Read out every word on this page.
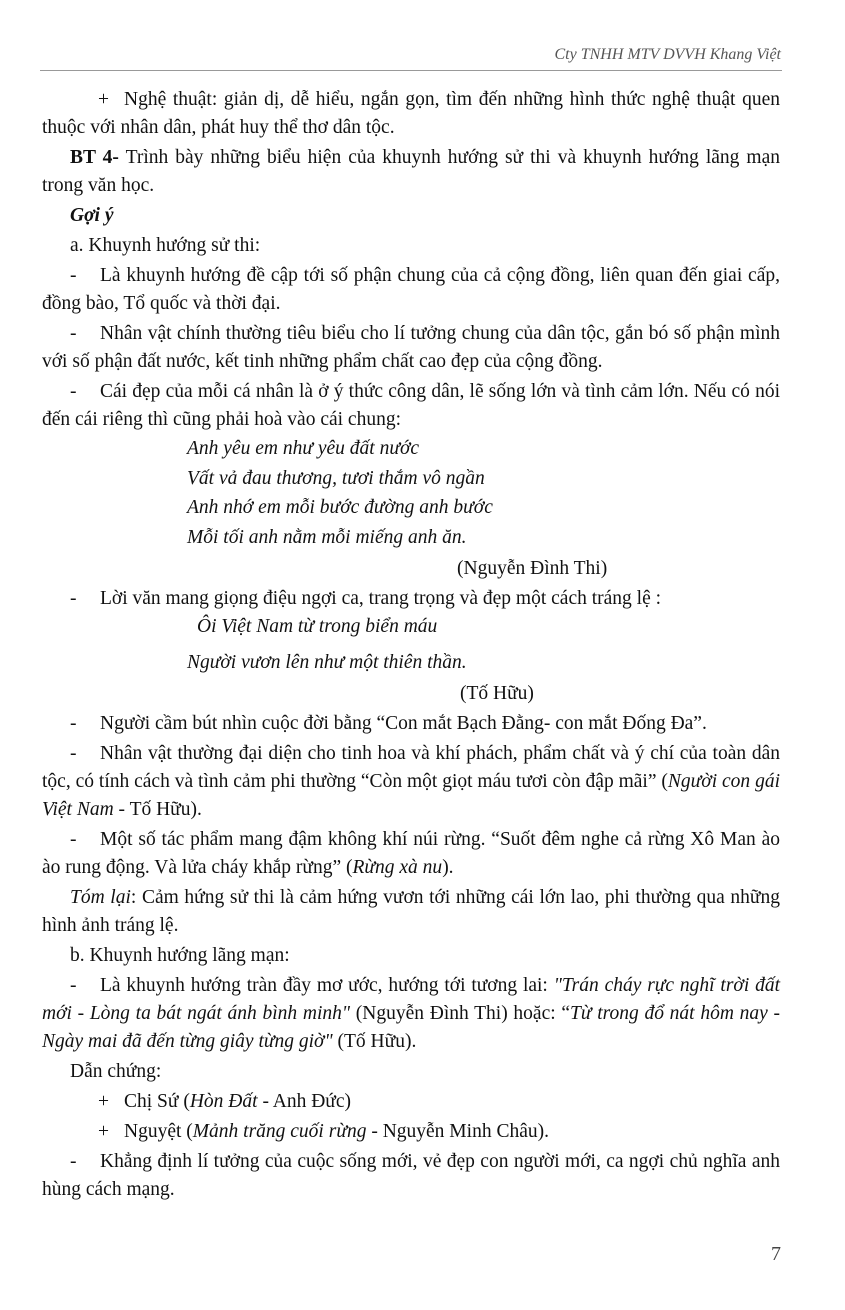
Cty TNHH MTV DVVH Khang Việt

+ Nghệ thuật: giản dị, dễ hiểu, ngắn gọn, tìm đến những hình thức nghệ thuật quen thuộc với nhân dân, phát huy thể thơ dân tộc.

BT 4- Trình bày những biểu hiện của khuynh hướng sử thi và khuynh hướng lãng mạn trong văn học.

Gợi ý

a. Khuynh hướng sử thi:

- Là khuynh hướng đề cập tới số phận chung của cả cộng đồng, liên quan đến giai cấp, đồng bào, Tổ quốc và thời đại.

- Nhân vật chính thường tiêu biểu cho lí tưởng chung của dân tộc, gắn bó số phận mình với số phận đất nước, kết tinh những phẩm chất cao đẹp của cộng đồng.

- Cái đẹp của mỗi cá nhân là ở ý thức công dân, lẽ sống lớn và tình cảm lớn. Nếu có nói đến cái riêng thì cũng phải hoà vào cái chung:

Anh yêu em như yêu đất nước
Vất vả đau thương, tươi thắm vô ngần
Anh nhớ em mỗi bước đường anh bước
Mỗi tối anh nằm mỗi miếng anh ăn.
(Nguyễn Đình Thi)

- Lời văn mang giọng điệu ngợi ca, trang trọng và đẹp một cách tráng lệ :

Ôi Việt Nam từ trong biển máu
Người vươn lên như một thiên thần.
(Tố Hữu)

- Người cầm bút nhìn cuộc đời bằng “Con mắt Bạch Đằng- con mắt Đống Đa”.

- Nhân vật thường đại diện cho tinh hoa và khí phách, phẩm chất và ý chí của toàn dân tộc, có tính cách và tình cảm phi thường “Còn một giọt máu tươi còn đập mãi” (Người con gái Việt Nam - Tố Hữu).

- Một số tác phẩm mang đậm không khí núi rừng. “Suốt đêm nghe cả rừng Xô Man ào ào rung động. Và lửa cháy khắp rừng” (Rừng xà nu).

Tóm lại: Cảm hứng sử thi là cảm hứng vươn tới những cái lớn lao, phi thường qua những hình ảnh tráng lệ.

b. Khuynh hướng lãng mạn:

- Là khuynh hướng tràn đầy mơ ước, hướng tới tương lai: "Trán cháy rực nghĩ trời đất mới - Lòng ta bát ngát ánh bình minh" (Nguyễn Đình Thi) hoặc: “Từ trong đổ nát hôm nay - Ngày mai đã đến từng giây từng giờ" (Tố Hữu).

Dẫn chứng:

+ Chị Sứ (Hòn Đất - Anh Đức)

+ Nguyệt (Mảnh trăng cuối rừng - Nguyễn Minh Châu).

- Khẳng định lí tưởng của cuộc sống mới, vẻ đẹp con người mới, ca ngợi chủ nghĩa anh hùng cách mạng.

7
